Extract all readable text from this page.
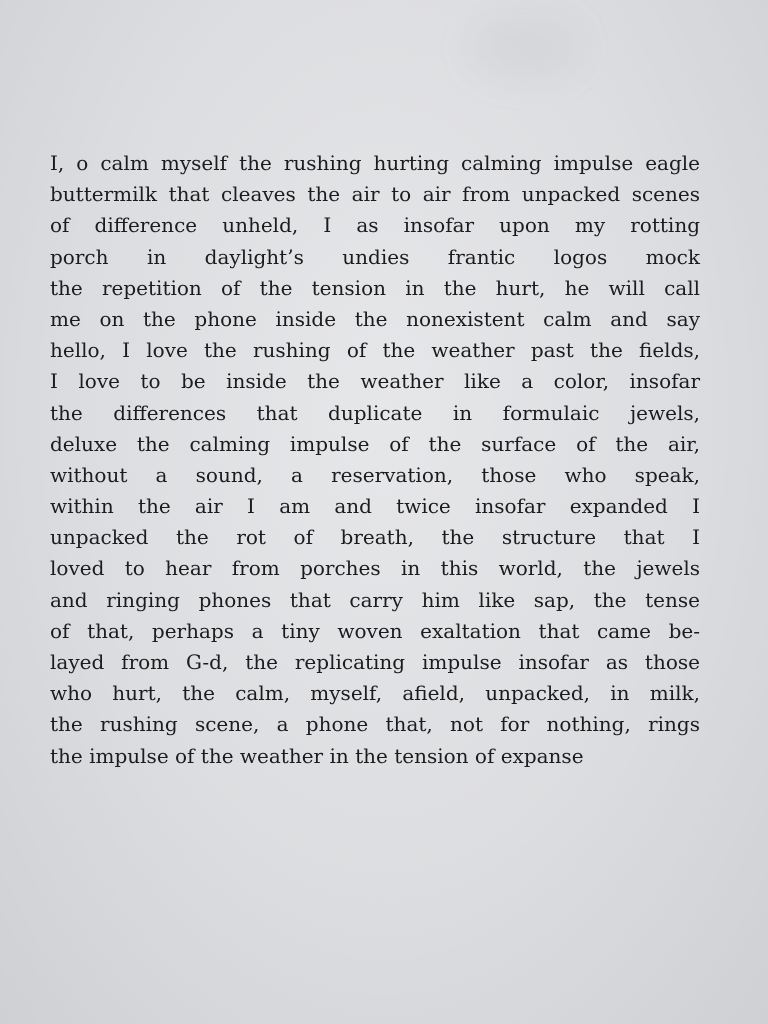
I, o calm myself the rushing hurting calming impulse eagle
buttermilk that cleaves the air to air from unpacked scenes
of difference unheld, I as insofar upon my rotting
porch in daylight’s undies frantic logos mock
the repetition of the tension in the hurt, he will call
me on the phone inside the nonexistent calm and say
hello, I love the rushing of the weather past the fields,
I love to be inside the weather like a color, insofar
the differences that duplicate in formulaic jewels,
deluxe the calming impulse of the surface of the air,
without a sound, a reservation, those who speak,
within the air I am and twice insofar expanded I
unpacked the rot of breath, the structure that I
loved to hear from porches in this world, the jewels
and ringing phones that carry him like sap, the tense
of that, perhaps a tiny woven exaltation that came be-
layed from G-d, the replicating impulse insofar as those
who hurt, the calm, myself, afield, unpacked, in milk,
the rushing scene, a phone that, not for nothing, rings
the impulse of the weather in the tension of expanse
